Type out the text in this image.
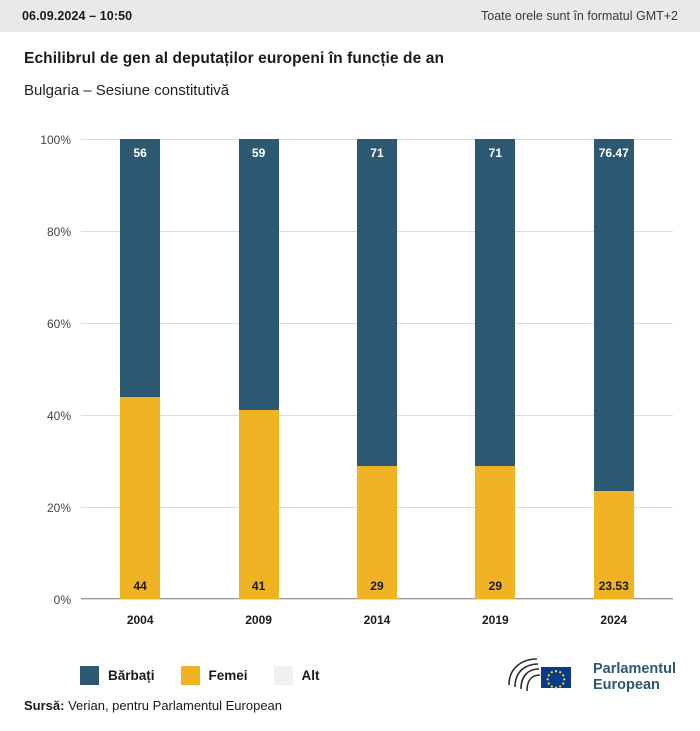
06.09.2024 – 10:50	Toate orele sunt în formatul GMT+2
Echilibrul de gen al deputaților europeni în funcție de an
Bulgaria – Sesiune constitutivă
0%
20%
40%
60%
80%
100%
56
44
59
41
71
29
71
29
76.47
23.53
2004	2009	2014	2019	2024
Bărbați	Femei	Alt	Parlamentul
European
Sursă: Verian, pentru Parlamentul European
